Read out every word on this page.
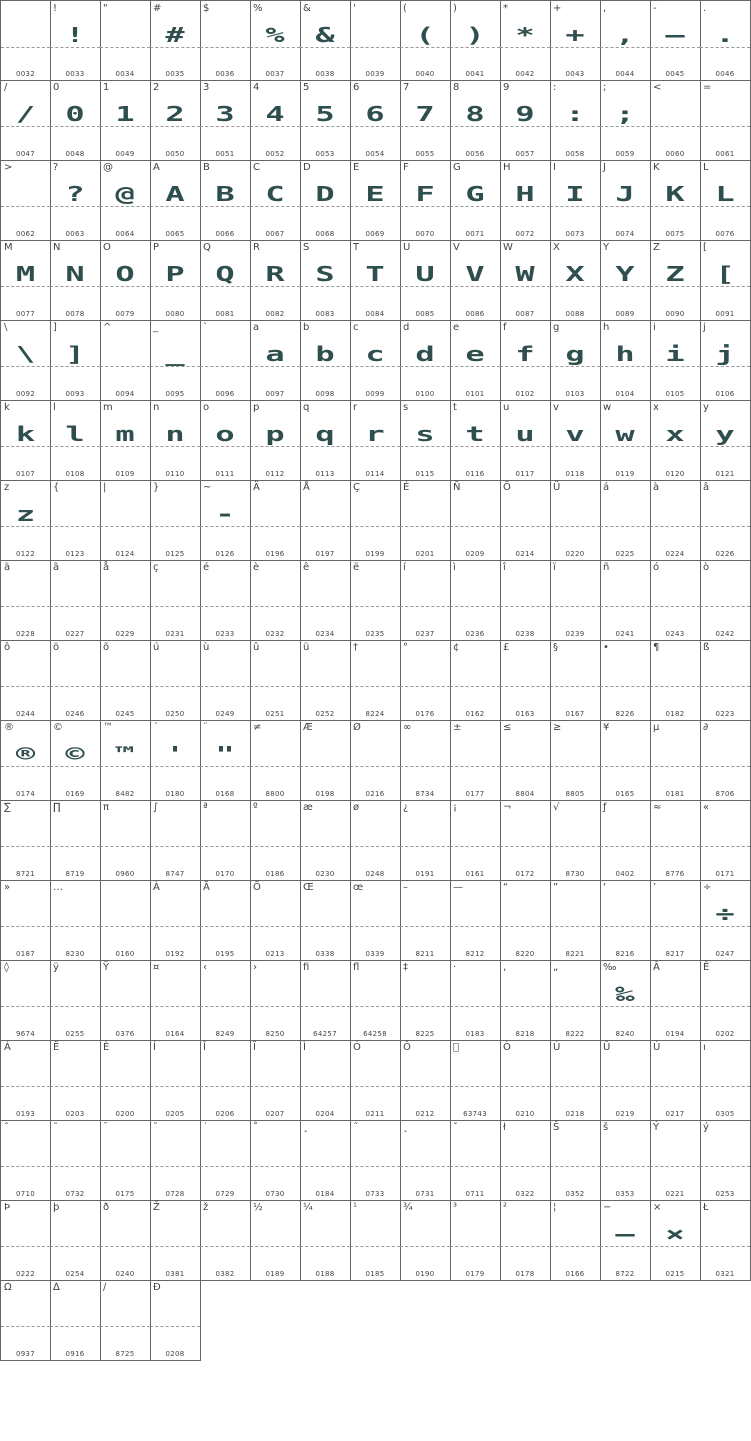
0032
!
!
0033
"
0034
#
#
0035
$
0036
%
%
0037
&
&
0038
'
0039
(
(
0040
)
)
0041
*
*
0042
+
+
0043
,
,
0044
-
—
0045
.
.
0046
/
/
0047
0
0
0048
1
1
0049
2
2
0050
3
3
0051
4
4
0052
5
5
0053
6
6
0054
7
7
0055
8
8
0056
9
9
0057
:
:
0058
;
;
0059
<
0060
=
0061
>
0062
?
?
0063
@
@
0064
A
A
0065
B
B
0066
C
C
0067
D
D
0068
E
E
0069
F
F
0070
G
G
0071
H
H
0072
I
I
0073
J
J
0074
K
K
0075
L
L
0076
M
M
0077
N
N
0078
O
O
0079
P
P
0080
Q
Q
0081
R
R
0082
S
S
0083
T
T
0084
U
U
0085
V
V
0086
W
W
0087
X
X
0088
Y
Y
0089
Z
Z
0090
[
[
0091
\
\
0092
]
]
0093
^
0094
_
_
0095
`
0096
a
a
0097
b
b
0098
c
c
0099
d
d
0100
e
e
0101
f
f
0102
g
g
0103
h
h
0104
i
i
0105
j
j
0106
k
k
0107
l
l
0108
m
m
0109
n
n
0110
o
o
0111
p
p
0112
q
q
0113
r
r
0114
s
s
0115
t
t
0116
u
u
0117
v
v
0118
w
w
0119
x
x
0120
y
y
0121
z
z
0122
{
0123
|
0124
}
0125
~
-
0126
Ä
0196
Å
0197
Ç
0199
É
0201
Ñ
0209
Ö
0214
Ü
0220
á
0225
à
0224
â
0226
ä
0228
ã
0227
å
0229
ç
0231
é
0233
è
0232
ê
0234
ë
0235
í
0237
ì
0236
î
0238
ï
0239
ñ
0241
ó
0243
ò
0242
ô
0244
ö
0246
õ
0245
ú
0250
ù
0249
û
0251
ü
0252
†
8224
°
0176
¢
0162
£
0163
§
0167
•
8226
¶
0182
ß
0223
®
®
0174
©
©
0169
™
™
8482
´
'
0180
¨
"
0168
≠
8800
Æ
0198
Ø
0216
∞
8734
±
0177
≤
8804
≥
8805
¥
0165
µ
0181
∂
8706
∑
8721
∏
8719
π
0960
∫
8747
ª
0170
º
0186
æ
0230
ø
0248
¿
0191
¡
0161
¬
0172
√
8730
ƒ
0402
≈
8776
«
0171
»
0187
…
8230	0160
À
0192
Ã
0195
Õ
0213
Œ
0338
œ
0339
–
8211
—
8212
“
8220
”
8221
‘
8216
’
8217
÷
÷
0247
◊
9674
ÿ
0255
Ÿ
0376
¤
0164
‹
8249
›
8250
ﬁ
64257
ﬂ
64258
‡
8225
·
0183
‚
8218
„
8222
‰
‰
8240
Â
0194
Ê
0202
Á
0193
Ë
0203
È
0200
Í
0205
Î
0206
Ï
0207
Ì
0204
Ó
0211
Ô
0212	63743
Ò
0210
Ú
0218
Û
0219
Ù
0217
ı
0305
ˆ
0710
˜
0732
¯
0175
˘
0728
˙
0729
˚
0730
¸
0184
˝
0733
˛
0731
ˇ
0711
ł
0322
Š
0352
š
0353
Ý
0221
ý
0253
Þ
0222
þ
0254
ð
0240
Ž
0381
ž
0382
½
0189
¼
0188
¹
0185
¾
0190
³
0179
²
0178
¦
0166
−
—
8722
×
×
0215
Ł
0321
Ω
0937
∆
0916
∕
8725
Đ
0208
